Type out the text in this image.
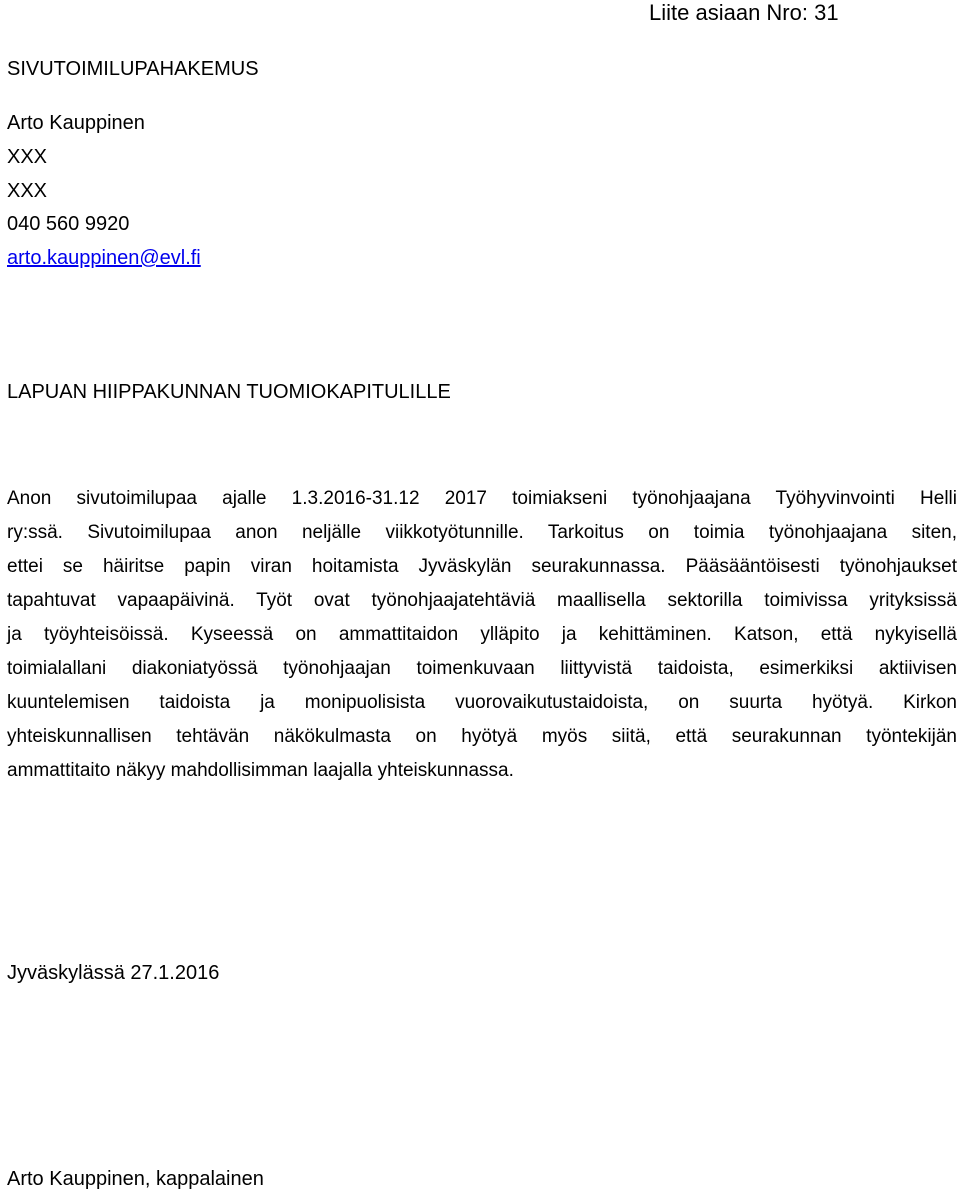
Liite asiaan Nro: 31
SIVUTOIMILUPAHAKEMUS
Arto Kauppinen
XXX
XXX
040 560 9920
arto.kauppinen@evl.fi
LAPUAN HIIPPAKUNNAN TUOMIOKAPITULILLE
Anon sivutoimilupaa ajalle 1.3.2016-31.12 2017 toimiakseni työnohjaajana Työhyvinvointi Helli
ry:ssä. Sivutoimilupaa anon neljälle viikkotyötunnille. Tarkoitus on toimia työnohjaajana siten,
ettei se häiritse papin viran hoitamista Jyväskylän seurakunnassa. Pääsääntöisesti työnohjaukset
tapahtuvat vapaapäivinä. Työt ovat työnohjaajatehtäviä maallisella sektorilla toimivissa yrityksissä
ja työyhteisöissä. Kyseessä on ammattitaidon ylläpito ja kehittäminen. Katson, että nykyisellä
toimialallani diakoniatyössä työnohjaajan toimenkuvaan liittyvistä taidoista, esimerkiksi aktiivisen
kuuntelemisen taidoista ja monipuolisista vuorovaikutustaidoista, on suurta hyötyä. Kirkon
yhteiskunnallisen tehtävän näkökulmasta on hyötyä myös siitä, että seurakunnan työntekijän
ammattitaito näkyy mahdollisimman laajalla yhteiskunnassa.
Jyväskylässä 27.1.2016
Arto Kauppinen, kappalainen
